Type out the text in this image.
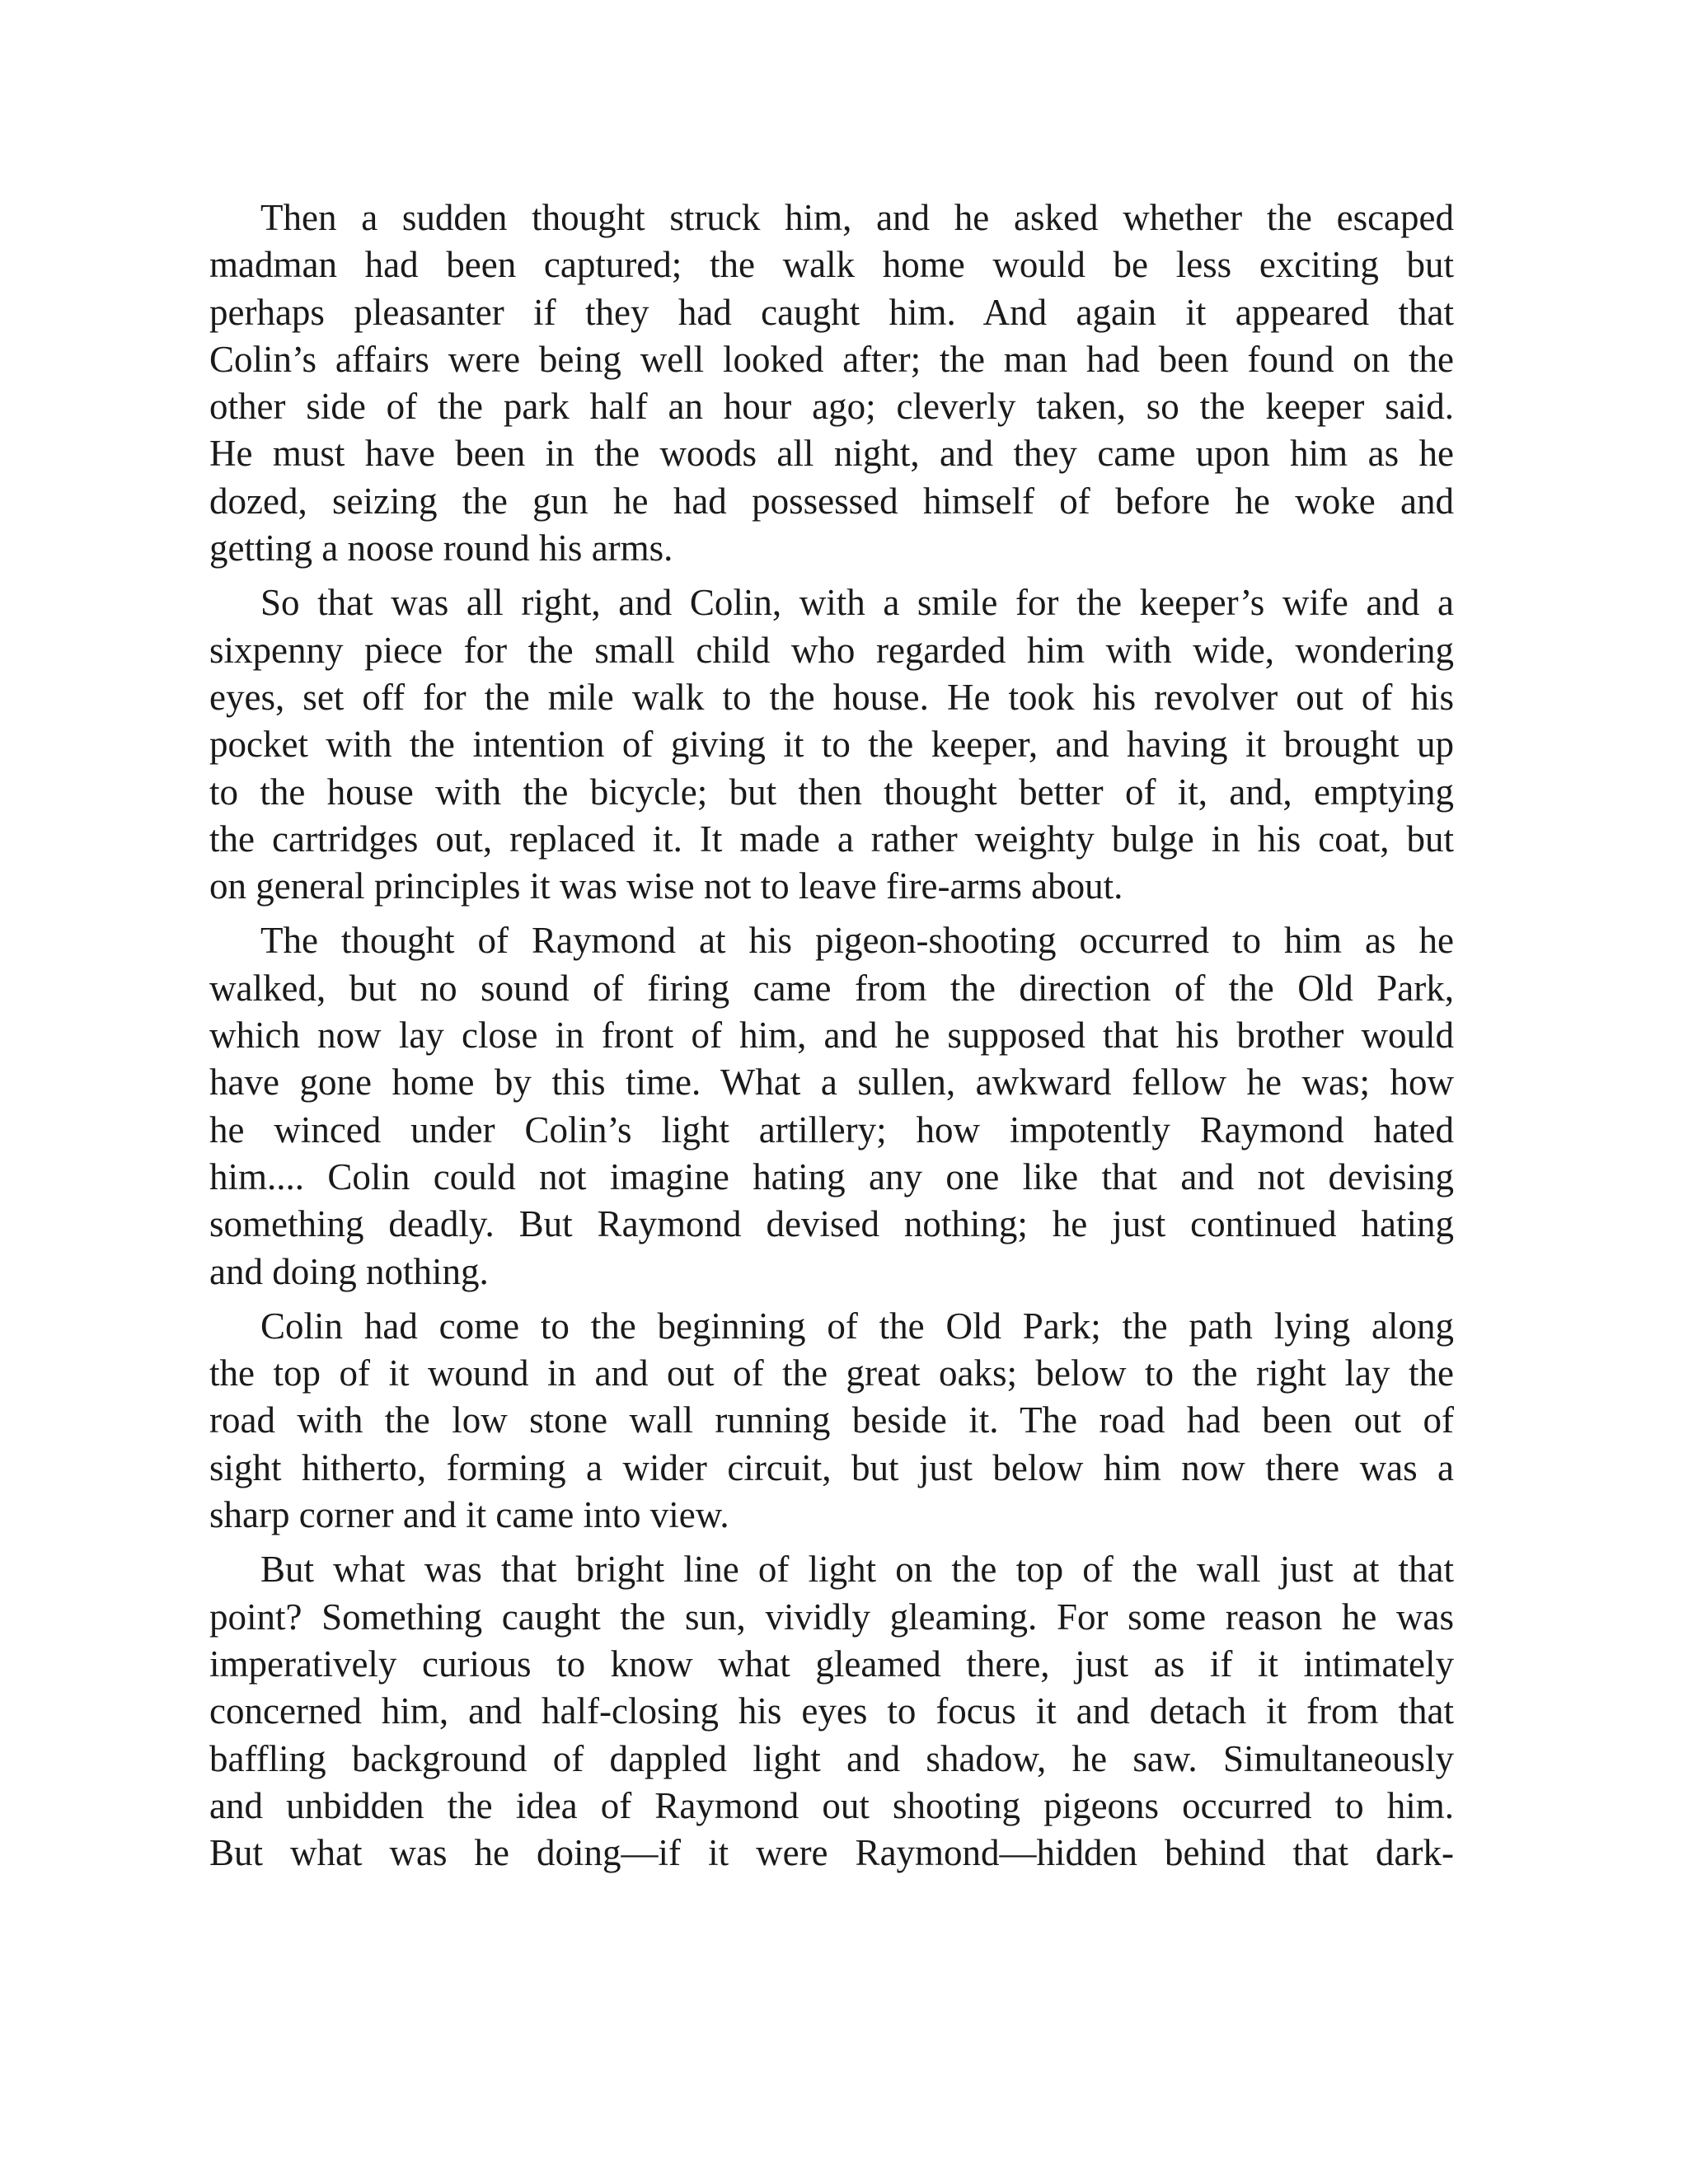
Then a sudden thought struck him, and he asked whether the escaped
madman had been captured; the walk home would be less exciting but
perhaps pleasanter if they had caught him. And again it appeared that
Colin’s affairs were being well looked after; the man had been found on the
other side of the park half an hour ago; cleverly taken, so the keeper said.
He must have been in the woods all night, and they came upon him as he
dozed, seizing the gun he had possessed himself of before he woke and
getting a noose round his arms.

So that was all right, and Colin, with a smile for the keeper’s wife and a
sixpenny piece for the small child who regarded him with wide, wondering
eyes, set off for the mile walk to the house. He took his revolver out of his
pocket with the intention of giving it to the keeper, and having it brought up
to the house with the bicycle; but then thought better of it, and, emptying
the cartridges out, replaced it. It made a rather weighty bulge in his coat, but
on general principles it was wise not to leave fire-arms about.

The thought of Raymond at his pigeon-shooting occurred to him as he
walked, but no sound of firing came from the direction of the Old Park,
which now lay close in front of him, and he supposed that his brother would
have gone home by this time. What a sullen, awkward fellow he was; how
he winced under Colin’s light artillery; how impotently Raymond hated
him.... Colin could not imagine hating any one like that and not devising
something deadly. But Raymond devised nothing; he just continued hating
and doing nothing.

Colin had come to the beginning of the Old Park; the path lying along
the top of it wound in and out of the great oaks; below to the right lay the
road with the low stone wall running beside it. The road had been out of
sight hitherto, forming a wider circuit, but just below him now there was a
sharp corner and it came into view.

But what was that bright line of light on the top of the wall just at that
point? Something caught the sun, vividly gleaming. For some reason he was
imperatively curious to know what gleamed there, just as if it intimately
concerned him, and half-closing his eyes to focus it and detach it from that
baffling background of dappled light and shadow, he saw. Simultaneously
and unbidden the idea of Raymond out shooting pigeons occurred to him.
But what was he doing—if it were Raymond—hidden behind that dark-
